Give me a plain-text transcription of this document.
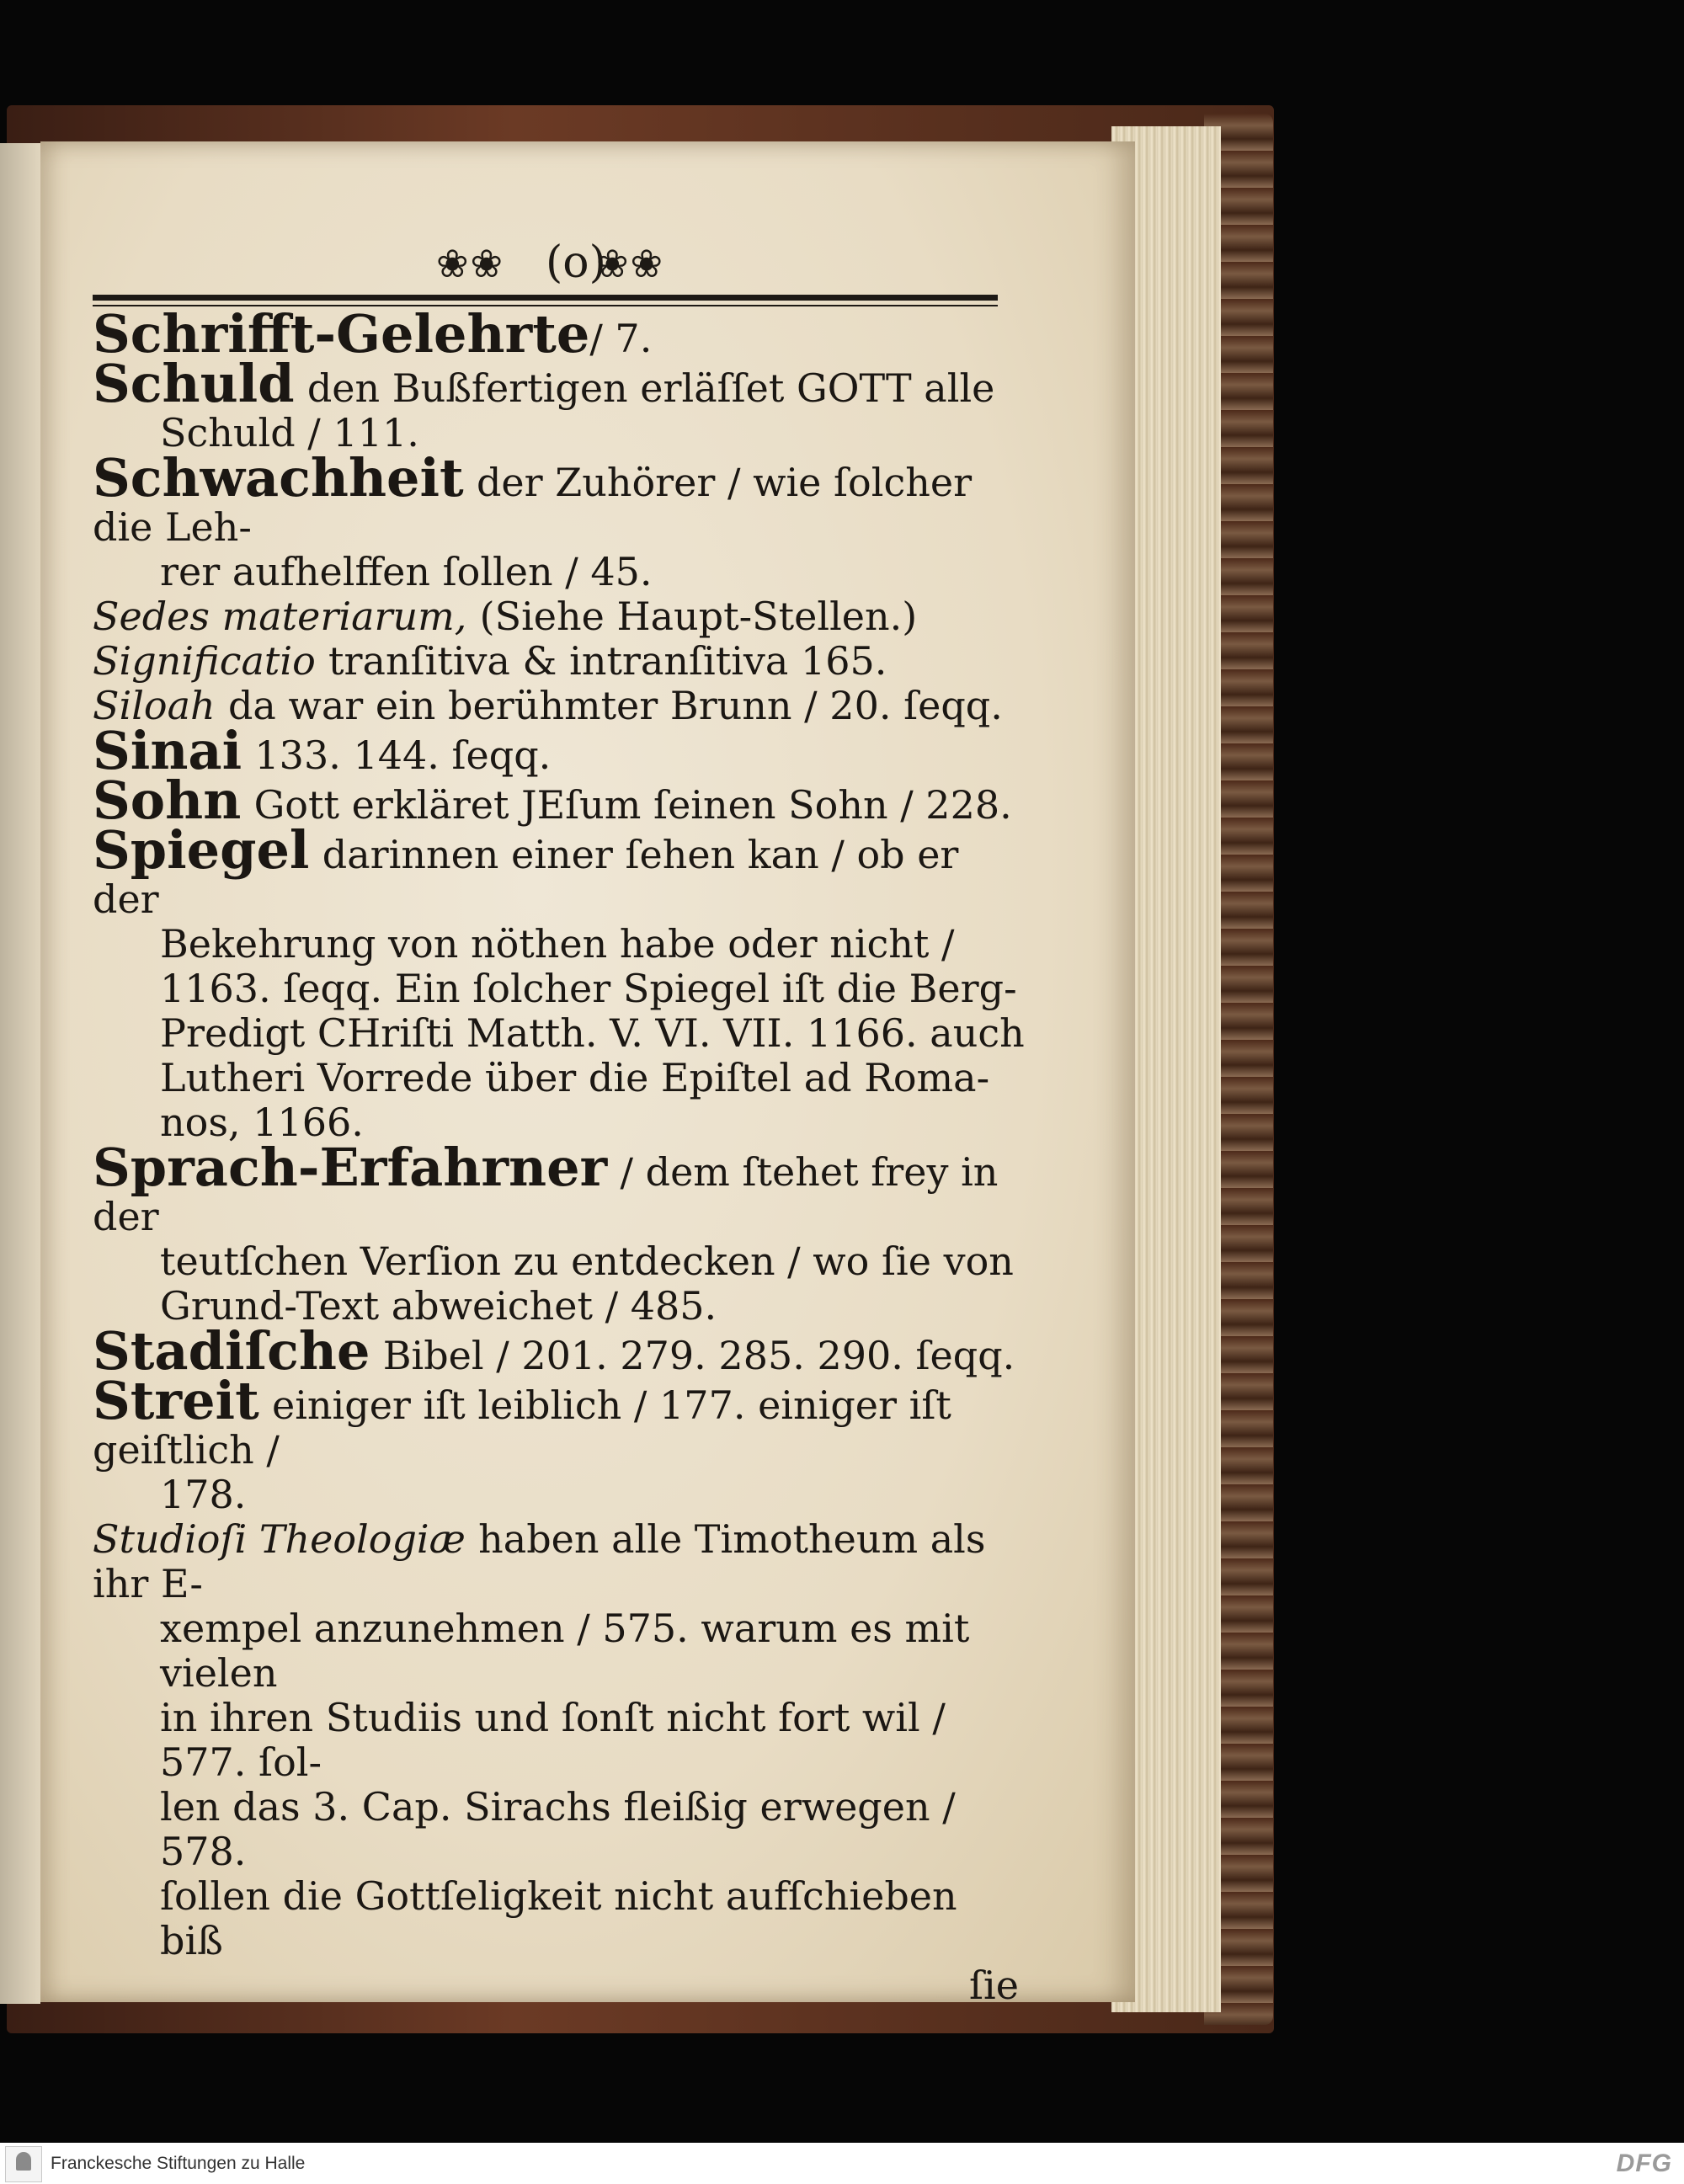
❀❀ (o)
❀❀

Schrifft-Gelehrte/ 7.

Schuld den Bußfertigen erläſſet GOTT alle
Schuld / 111.

Schwachheit der Zuhörer / wie ſolcher die Leh-
rer aufhelffen ſollen / 45.

Sedes materiarum, (Siehe Haupt-Stellen.)

Significatio tranſitiva & intranſitiva 165.

Siloah da war ein berühmter Brunn / 20. ſeqq.

Sinai 133. 144. ſeqq.

Sohn Gott erkläret JEſum ſeinen Sohn / 228.

Spiegel darinnen einer ſehen kan / ob er der
Bekehrung von nöthen habe oder nicht /
1163. ſeqq. Ein ſolcher Spiegel iſt die Berg-
Predigt CHriſti Matth. V. VI. VII. 1166. auch
Lutheri Vorrede über die Epiſtel ad Roma-
nos, 1166.

Sprach-Erfahrner / dem ſtehet frey in der
teutſchen Verſion zu entdecken / wo ſie von
Grund-Text abweichet / 485.

Stadiſche Bibel / 201. 279. 285. 290. ſeqq.

Streit einiger iſt leiblich / 177. einiger iſt geiſtlich /
178.

Studioſi Theologiæ haben alle Timotheum als ihr E-
xempel anzunehmen / 575. warum es mit vielen
in ihren Studiis und ſonſt nicht fort wil / 577. ſol-
len das 3. Cap. Sirachs fleißig erwegen / 578.
ſollen die Gottſeligkeit nicht aufſchieben biß
ſie

Franckesche Stiftungen zu Halle	DFG
